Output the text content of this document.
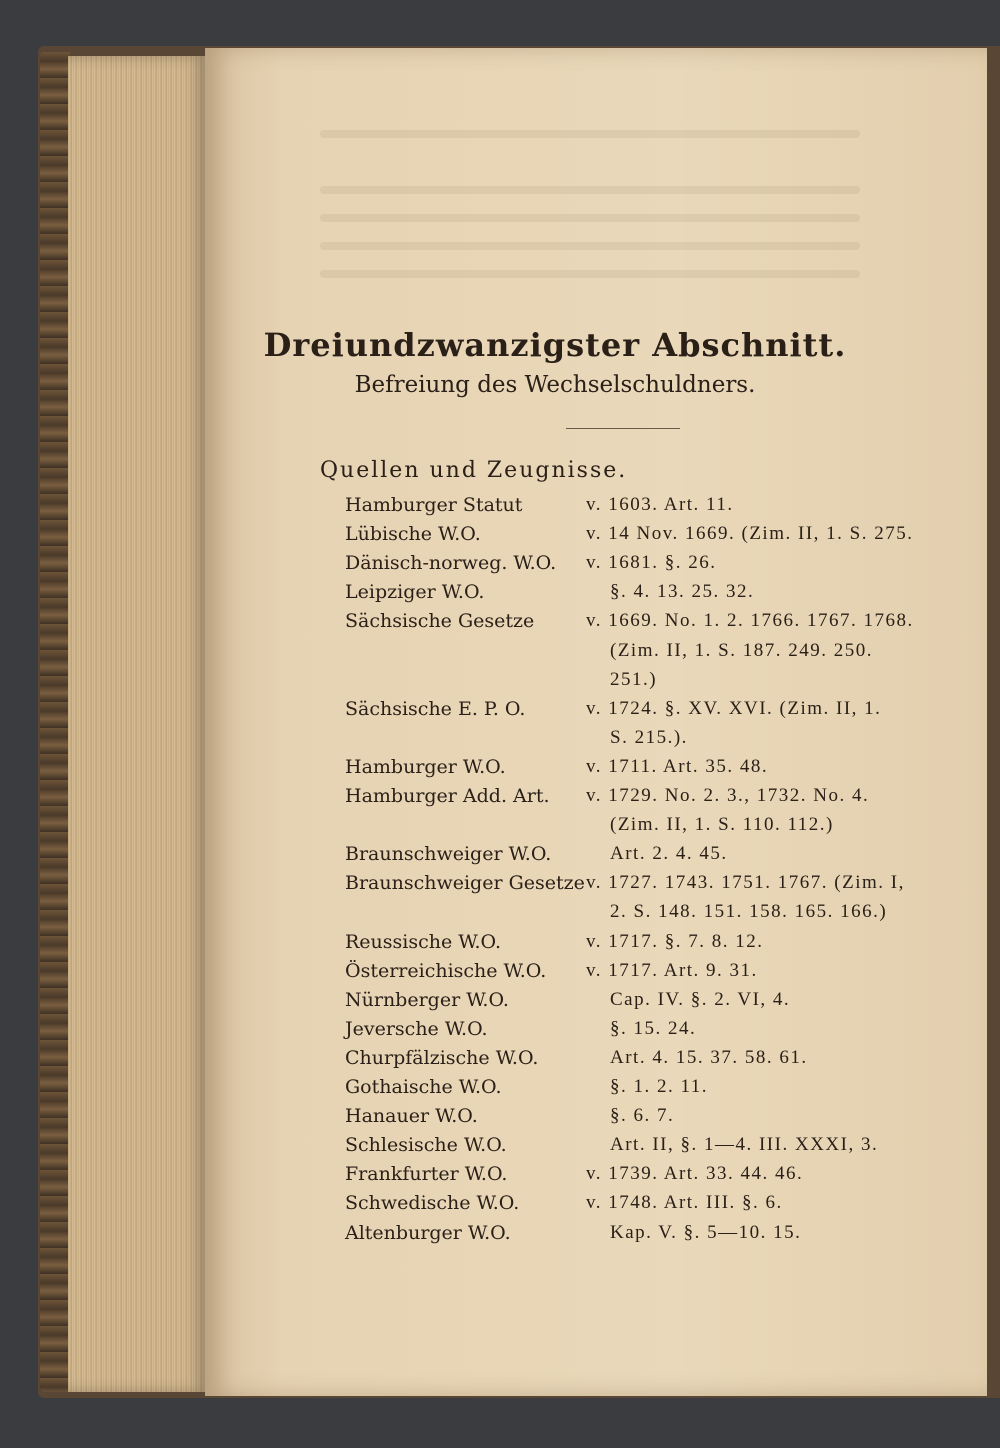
Dreiundzwanzigster Abschnitt.
Befreiung des Wechselschuldners.
Quellen und Zeugnisse.
Hamburger Statut	v. 1603. Art. 11.
Lübische W.O.	v. 14 Nov. 1669. (Zim. II, 1. S. 275.
Dänisch-norweg. W.O. v. 1681. §. 26.
Leipziger W.O.	§. 4. 13. 25. 32.
Sächsische Gesetze	v. 1669. No. 1. 2. 1766. 1767. 1768.
(Zim. II, 1. S. 187. 249. 250.
251.)
Sächsische E. P. O.	v. 1724. §. XV. XVI. (Zim. II, 1.
S. 215.).
Hamburger W.O.	v. 1711. Art. 35. 48.
Hamburger Add. Art. v. 1729. No. 2. 3., 1732. No. 4.
(Zim. II, 1. S. 110. 112.)
Braunschweiger W.O.	Art. 2. 4. 45.
Braunschweiger Gesetze v. 1727. 1743. 1751. 1767. (Zim. I,
2. S. 148. 151. 158. 165. 166.)
Reussische W.O.	v. 1717. §. 7. 8. 12.
Österreichische W.O. v. 1717. Art. 9. 31.
Nürnberger W.O.	Cap. IV. §. 2. VI, 4.
Jeversche W.O.	§. 15. 24.
Churpfälzische W.O.	Art. 4. 15. 37. 58. 61.
Gothaische W.O.	§. 1. 2. 11.
Hanauer W.O.	§. 6. 7.
Schlesische W.O.	Art. II, §. 1—4. III. XXXI, 3.
Frankfurter W.O.	v. 1739. Art. 33. 44. 46.
Schwedische W.O.	v. 1748. Art. III. §. 6.
Altenburger W.O.	Kap. V. §. 5—10. 15.
